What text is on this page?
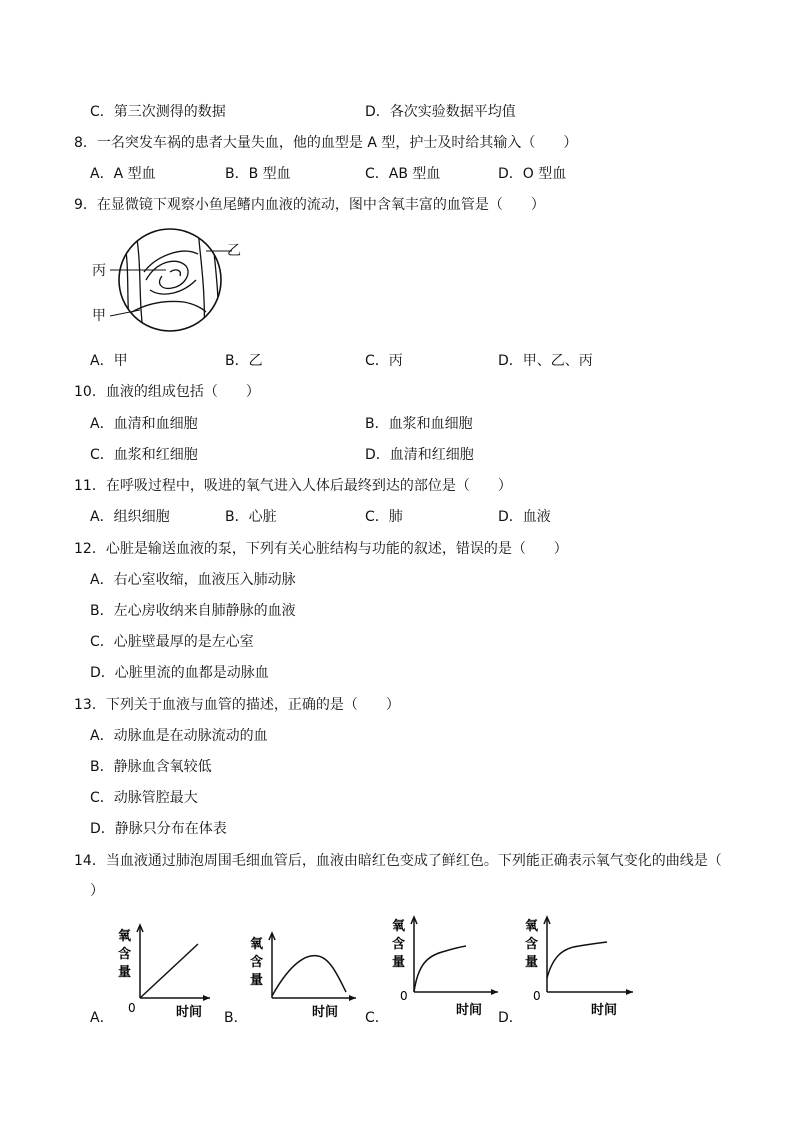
C．第三次测得的数据	D．各次实验数据平均值
8．一名突发车祸的患者大量失血，他的血型是 A 型，护士及时给其输入（　　）
A．A 型血	B．B 型血	C．AB 型血	D．O 型血
9．在显微镜下观察小鱼尾鳍内血液的流动，图中含氧丰富的血管是（　　）
乙
丙
甲
A．甲	B．乙	C．丙	D．甲、乙、丙
10．血液的组成包括（　　）
A．血清和血细胞	B．血浆和血细胞
C．血浆和红细胞	D．血清和红细胞
11．在呼吸过程中，吸进的氧气进入人体后最终到达的部位是（　　）
A．组织细胞	B．心脏	C．肺	D．血液
12．心脏是输送血液的泵，下列有关心脏结构与功能的叙述，错误的是（　　）
A．右心室收缩，血液压入肺动脉
B．左心房收纳来自肺静脉的血液
C．心脏壁最厚的是左心室
D．心脏里流的血都是动脉血
13．下列关于血液与血管的描述，正确的是（　　）
A．动脉血是在动脉流动的血
B．静脉血含氧较低
C．动脉管腔最大
D．静脉只分布在体表
14．当血液通过肺泡周围毛细血管后，血液由暗红色变成了鲜红色。下列能正确表示氧气变化的曲线是（
）
氧
含
量
0	时间
A．
氧
含
量
时间
B．
氧
含
量
0
时间
C．
氧
含
量
0
时间
D．
